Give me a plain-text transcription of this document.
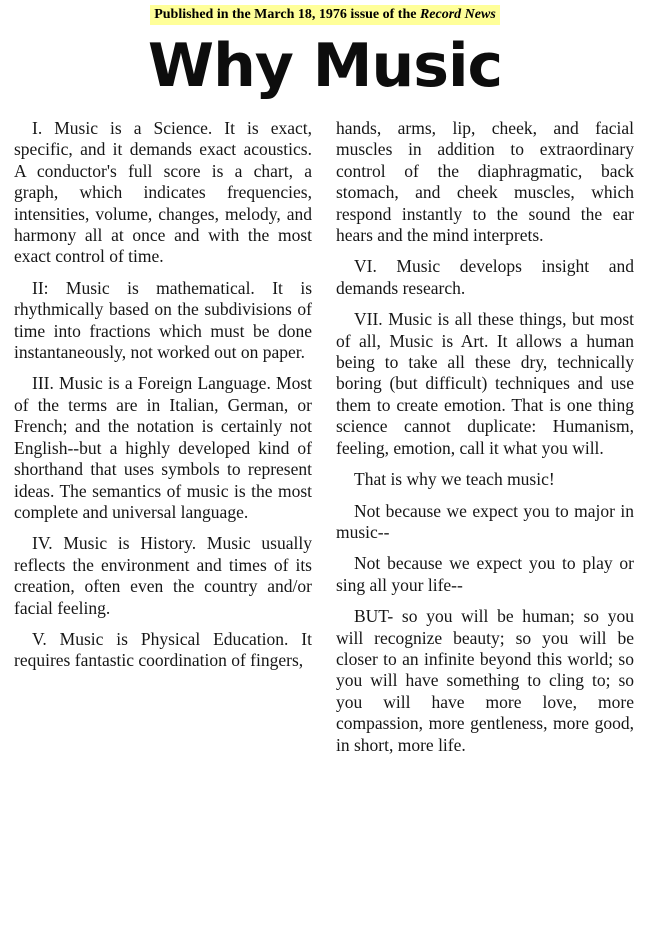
Published in the March 18, 1976 issue of the Record News
Why Music

I. Music is a Science. It is exact, specific, and it demands exact acoustics. A conductor's full score is a chart, a graph, which indicates frequencies, intensities, volume, changes, melody, and harmony all at once and with the most exact control of time.

II: Music is mathematical. It is rhythmically based on the subdivisions of time into fractions which must be done instantaneously, not worked out on paper.

III. Music is a Foreign Language. Most of the terms are in Italian, German, or French; and the notation is certainly not English--but a highly developed kind of shorthand that uses symbols to represent ideas. The semantics of music is the most complete and universal language.

IV. Music is History. Music usually reflects the environment and times of its creation, often even the country and/or facial feeling.

V. Music is Physical Education. It requires fantastic coordination of fingers,

hands, arms, lip, cheek, and facial muscles in addition to extraordinary control of the diaphragmatic, back stomach, and cheek muscles, which respond instantly to the sound the ear hears and the mind interprets.

VI. Music develops insight and demands research.

VII. Music is all these things, but most of all, Music is Art. It allows a human being to take all these dry, technically boring (but difficult) techniques and use them to create emotion. That is one thing science cannot duplicate: Humanism, feeling, emotion, call it what you will.

That is why we teach music!

Not because we expect you to major in music--

Not because we expect you to play or sing all your life--

BUT- so you will be human; so you will recognize beauty; so you will be closer to an infinite beyond this world; so you will have something to cling to; so you will have more love, more compassion, more gentleness, more good, in short, more life.
